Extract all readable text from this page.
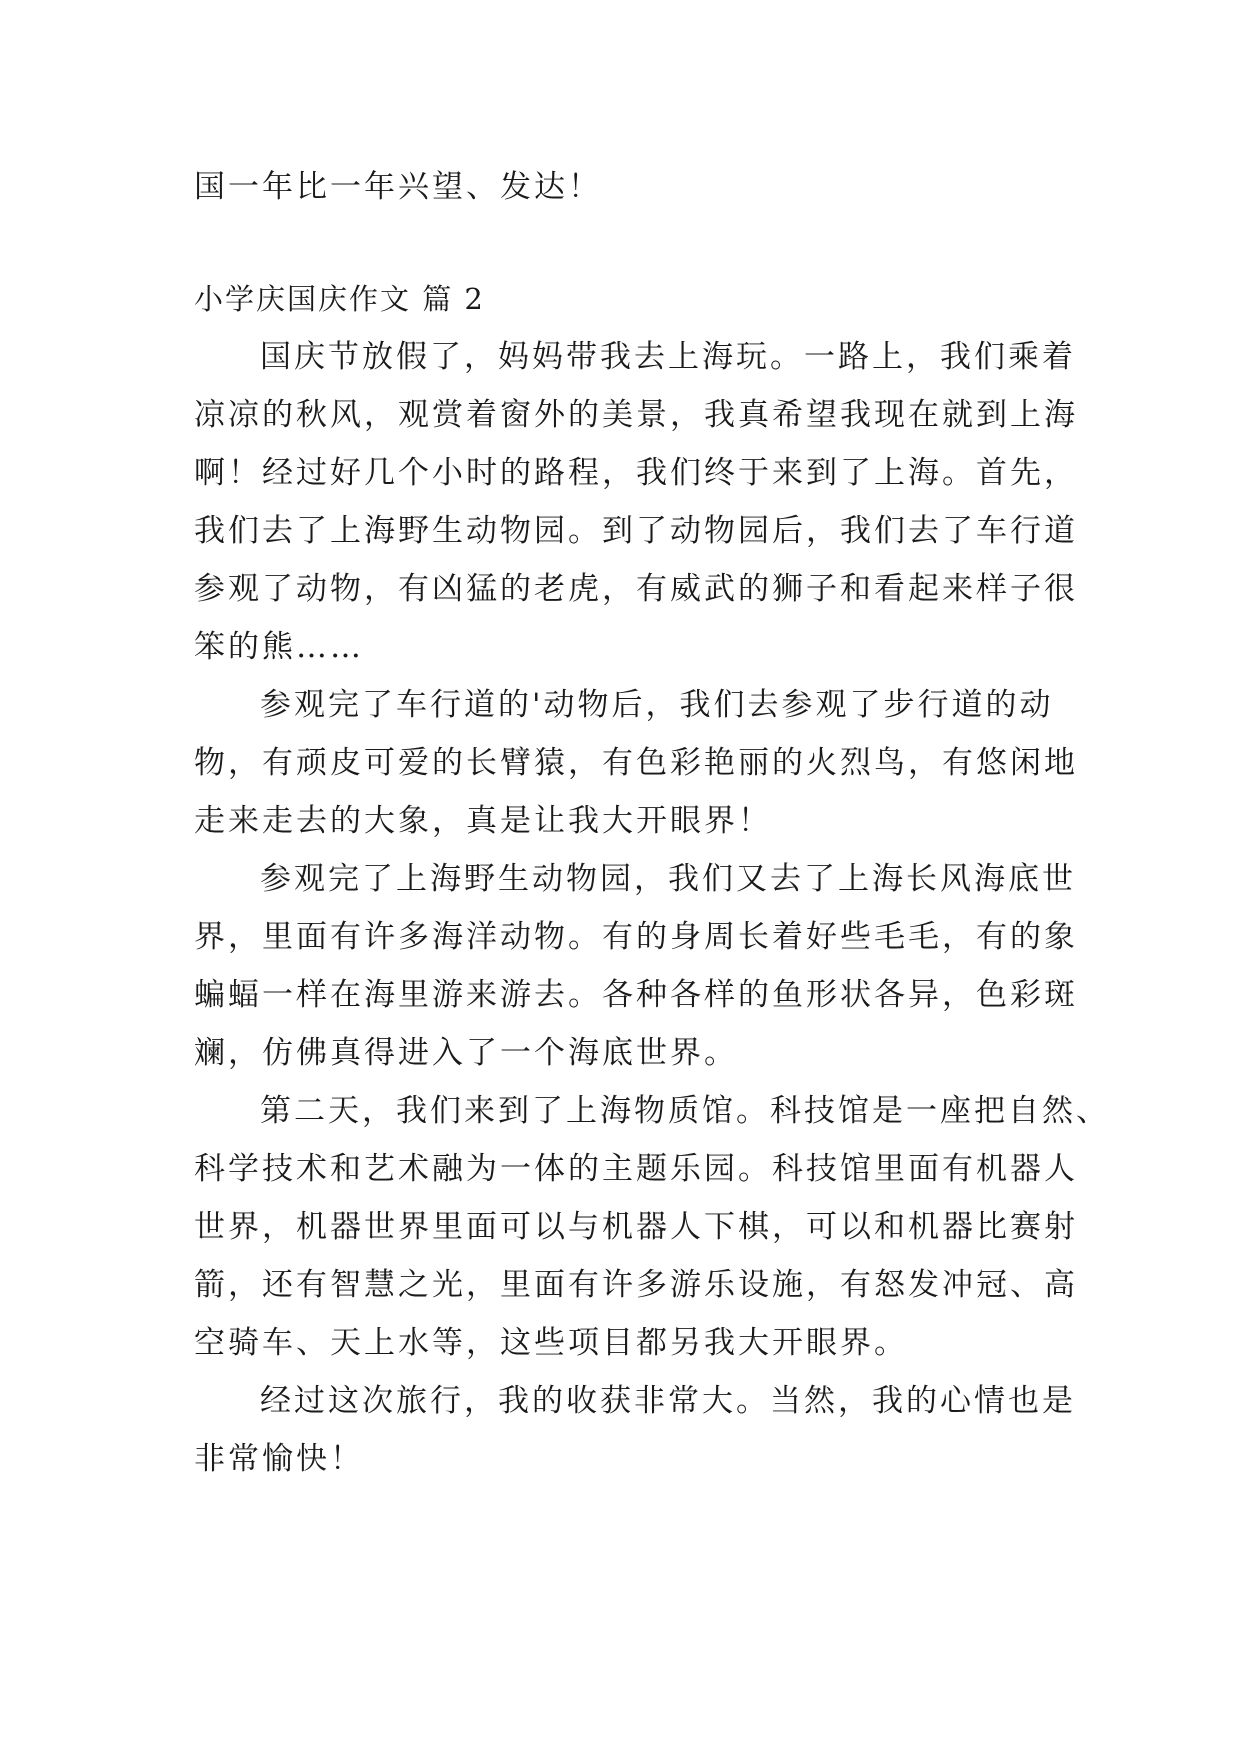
国一年比一年兴望、发达！

小学庆国庆作文 篇 2

国庆节放假了，妈妈带我去上海玩。一路上，我们乘着

凉凉的秋风，观赏着窗外的美景，我真希望我现在就到上海

啊！经过好几个小时的路程，我们终于来到了上海。首先，

我们去了上海野生动物园。到了动物园后，我们去了车行道

参观了动物，有凶猛的老虎，有威武的狮子和看起来样子很

笨的熊……

参观完了车行道的'动物后，我们去参观了步行道的动

物，有顽皮可爱的长臂猿，有色彩艳丽的火烈鸟，有悠闲地

走来走去的大象，真是让我大开眼界！

参观完了上海野生动物园，我们又去了上海长风海底世

界，里面有许多海洋动物。有的身周长着好些毛毛，有的象

蝙蝠一样在海里游来游去。各种各样的鱼形状各异，色彩斑

斓，仿佛真得进入了一个海底世界。

第二天，我们来到了上海物质馆。科技馆是一座把自然、

科学技术和艺术融为一体的主题乐园。科技馆里面有机器人

世界，机器世界里面可以与机器人下棋，可以和机器比赛射

箭，还有智慧之光，里面有许多游乐设施，有怒发冲冠、高

空骑车、天上水等，这些项目都另我大开眼界。

经过这次旅行，我的收获非常大。当然，我的心情也是

非常愉快！
